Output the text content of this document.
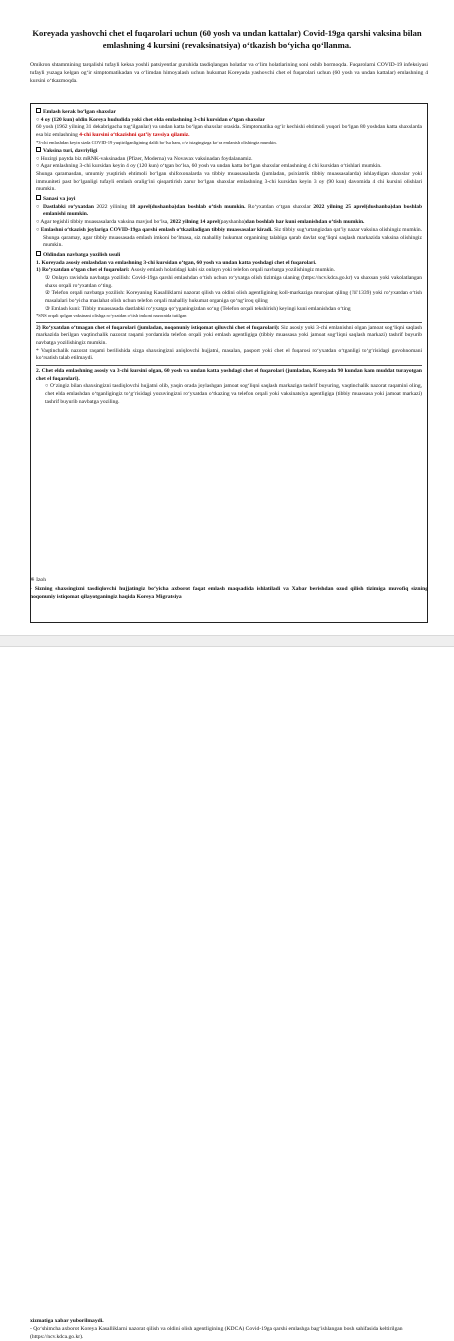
Koreyada yashovchi chet el fuqarolari uchun (60 yosh va undan kattalar) Covid-19ga qarshi vaksina bilan emlashning 4 kursini (revaksinatsiya) oʻtkazish boʻyicha qoʻllanma.
Omikron shtammining tarqalishi tufayli keksa yoshli patsiyentlar guruhida tasdiqlangan holatlar va oʻlim holatlarining soni oshib bormoqda. Fuqarolarni COVID-19 infeksiyasi tufayli yuzaga kelgan ogʻir simptomatikadan va oʻlimdan himoyalash uchun hukumat Koreyada yashovchi chet el fuqarolari uchun (60 yosh va undan kattalar) emlashning 4 kursini oʻtkazmoqda.
Emlash kerak boʻlgan shaxslar
○ 4 oy (120 kun) oldin Koreya hududida yoki chet elda emlashning 3-chi kursidan oʻtgan shaxslar
60 yosh (1962 yilning 31 dekabrigacha tugʻilganlar) va undan katta boʻlgan shaxslar orasida. Simptomatika ogʻir kechishi ehtimoli yuqori boʻlgan 80 yoshdan katta shaxslarda esa biz emlashning 4-chi kursini oʻtkazishni qatʼiy tavsiya qilamiz.
*3-chi emlashdan keyin sizda COVID-19 yuqtirilganligining dalili boʻlsa ham, oʻz istagingizga koʻra emlanish olishingiz mumkin.
Vaksina turi, davriyligi
○ Hozirgi paytda biz mRNK-vaksinadan (Pfizer, Moderna) va Novavax vaksinadan foydalanamiz.
○ Agar emlashning 3-chi kursidan keyin 4 oy (120 kun) oʻtgan boʻlsa, 60 yosh va undan katta boʻlgan shaxslar emlashning 4 chi kursidan oʻtishlari mumkin.
Shunga qaramasdan, umumiy yuqtirish ehtimoli boʻlgan shifoxonalarda va tibbiy muassasalarda (jumladan, psixiatrik tibbiy muassasalarda) ishlaydigan shaxslar yoki immuniteti past boʻlganligi tufayli emlash oraligʻini qisqartirish zarur boʻlgan shaxslar emlashning 3-chi kursidan keyin 3 oy (90 kun) davomida 4 chi kursini olishlari mumkin.
Sanasi va joyi
○ Dastlabki roʻyxatdan 2022 yilining 18 aprel(dushanba)dan boshlab oʻtish mumkin. Roʻyxatdan oʻtgan shaxslar 2022 yilning 25 aprel(dushanba)dan boshlab emlanishi mumkin.
○ Agar tegishli tibbiy muassasalarda vaksina mavjud boʻlsa, 2022 yilning 14 aprel(payshanba)dan boshlab har kuni emlanishdan oʻtish mumkin.
○ Emlashni oʻtkazish joylariga COVID-19ga qarshi emlash oʻtkaziladigan tibbiy muassasalar kiradi. Siz tibbiy sugʻurtangizdan qatʼiy nazar vaksina olishingiz mumkin. Shunga qaramay, agar tibbiy muassasada emlash imkoni boʻlmasa, siz mahalliy hukumat organining talabiga qarab davlat sogʻliqni saqlash markazida vaksina olishingiz mumkin.
Oldindan navbatga yozilish usuli
1. Koreyada asosiy emlashdan va emlashning 3-chi kursidan oʻtgan, 60 yosh va undan katta yoshdagi chet el fuqarolari.
1) Roʻyxatdan oʻtgan chet el fuqarolari: Asosiy emlash holatidagi kabi siz onlayn yoki telefon orqali navbatga yozilishingiz mumkin.
① Onlayn ravishda navbatga yozilish: Covid-19ga qarshi emlashdan oʻtish uchun roʻyxatga olish tizimiga ulaning (https://ncv.kdca.go.kr) va shaxsan yoki vakolatlangan shaxs orqali roʻyxatdan oʻting.
② Telefon orqali navbatga yozilish: Koreyaning Kasalliklarni nazorat qilish va oldini olish agentligining koll-markaziga murojaat qiling (☏1339) yoki roʻyxatdan oʻtish masalalari boʻyicha maslahat olish uchun telefon orqali mahalliy hukumat organiga qoʻngʻiroq qiling
③ Emlash kuni: Tibbiy muassasada dastlabki roʻyxatga qoʻyganingizdan soʻng (Telefon orqali tekshirish) keyingi kuni emlanishdan oʻting
*SNS orqali qolgan vaksinani olishga roʻyxatdan oʻtish imkoni nazoratda tutilgan
2) Roʻyxatdan oʻtmagan chet el fuqarolari (jumladan, noqonuniy istiqomat qiluvchi chet el fuqarolari): Siz asosiy yoki 3-chi emlanishni olgan jamoat sogʻliqni saqlash markazida berilgan vaqtinchalik nazorat raqami yordamida telefon orqali yoki emlash agentligiga (tibbiy muassasa yoki jamoat sogʻliqni saqlash markazi) tashrif buyurib navbatga yozilishingiz mumkin.
* Vaqtinchalik nazorat raqami berilishida sizga shaxsingizni aniqlovchi hujjatni, masalan, pasport yoki chet el fuqarosi roʻyxatdan oʻtganligi toʻgʻrisidagi guvohnomani koʻrsatish talab etilmaydi.
2. Chet elda emlashning asosiy va 3-chi kursini olgan, 60 yosh va undan katta yoshdagi chet el fuqarolari (jumladan, Koreyada 90 kundan kam muddat turayotgan chet el fuqarolari).
○ Oʻzingiz bilan shaxsingizni tasdiqlovchi hujjatni olib, yaqin orada joylashgan jamoat sogʻliqni saqlash markaziga tashrif buyuring, vaqtinchalik nazorat raqamini oling, chet elda emlashdan oʻtganligingiz toʻgʻrisidagi yozuvingizni roʻyxatdan oʻtkazing va telefon orqali yoki vaksinatsiya agentligiga (tibbiy muassasa yoki jamoat markazi) tashrif buyurib navbatga yoziling.
※ Izoh
- Sizning shaxsingizni tasdiqlovchi hujjatingiz boʻyicha axborot faqat emlash maqsadida ishlatiladi va Xabar berishdan ozod qilish tizimiga muvofiq sizning noqonuniy istiqomat qilayotganingiz haqida Koreya Migratsiya
xizmatiga xabar yuborilmaydi.
- Qoʻshimcha axborot Koreya Kasalliklarni nazorat qilish va oldini olish agentligining (KDCA) Covid-19ga qarshi emlashga bagʻishlangan bosh sahifasida keltirilgan (https://ncv.kdca.go.kr).
